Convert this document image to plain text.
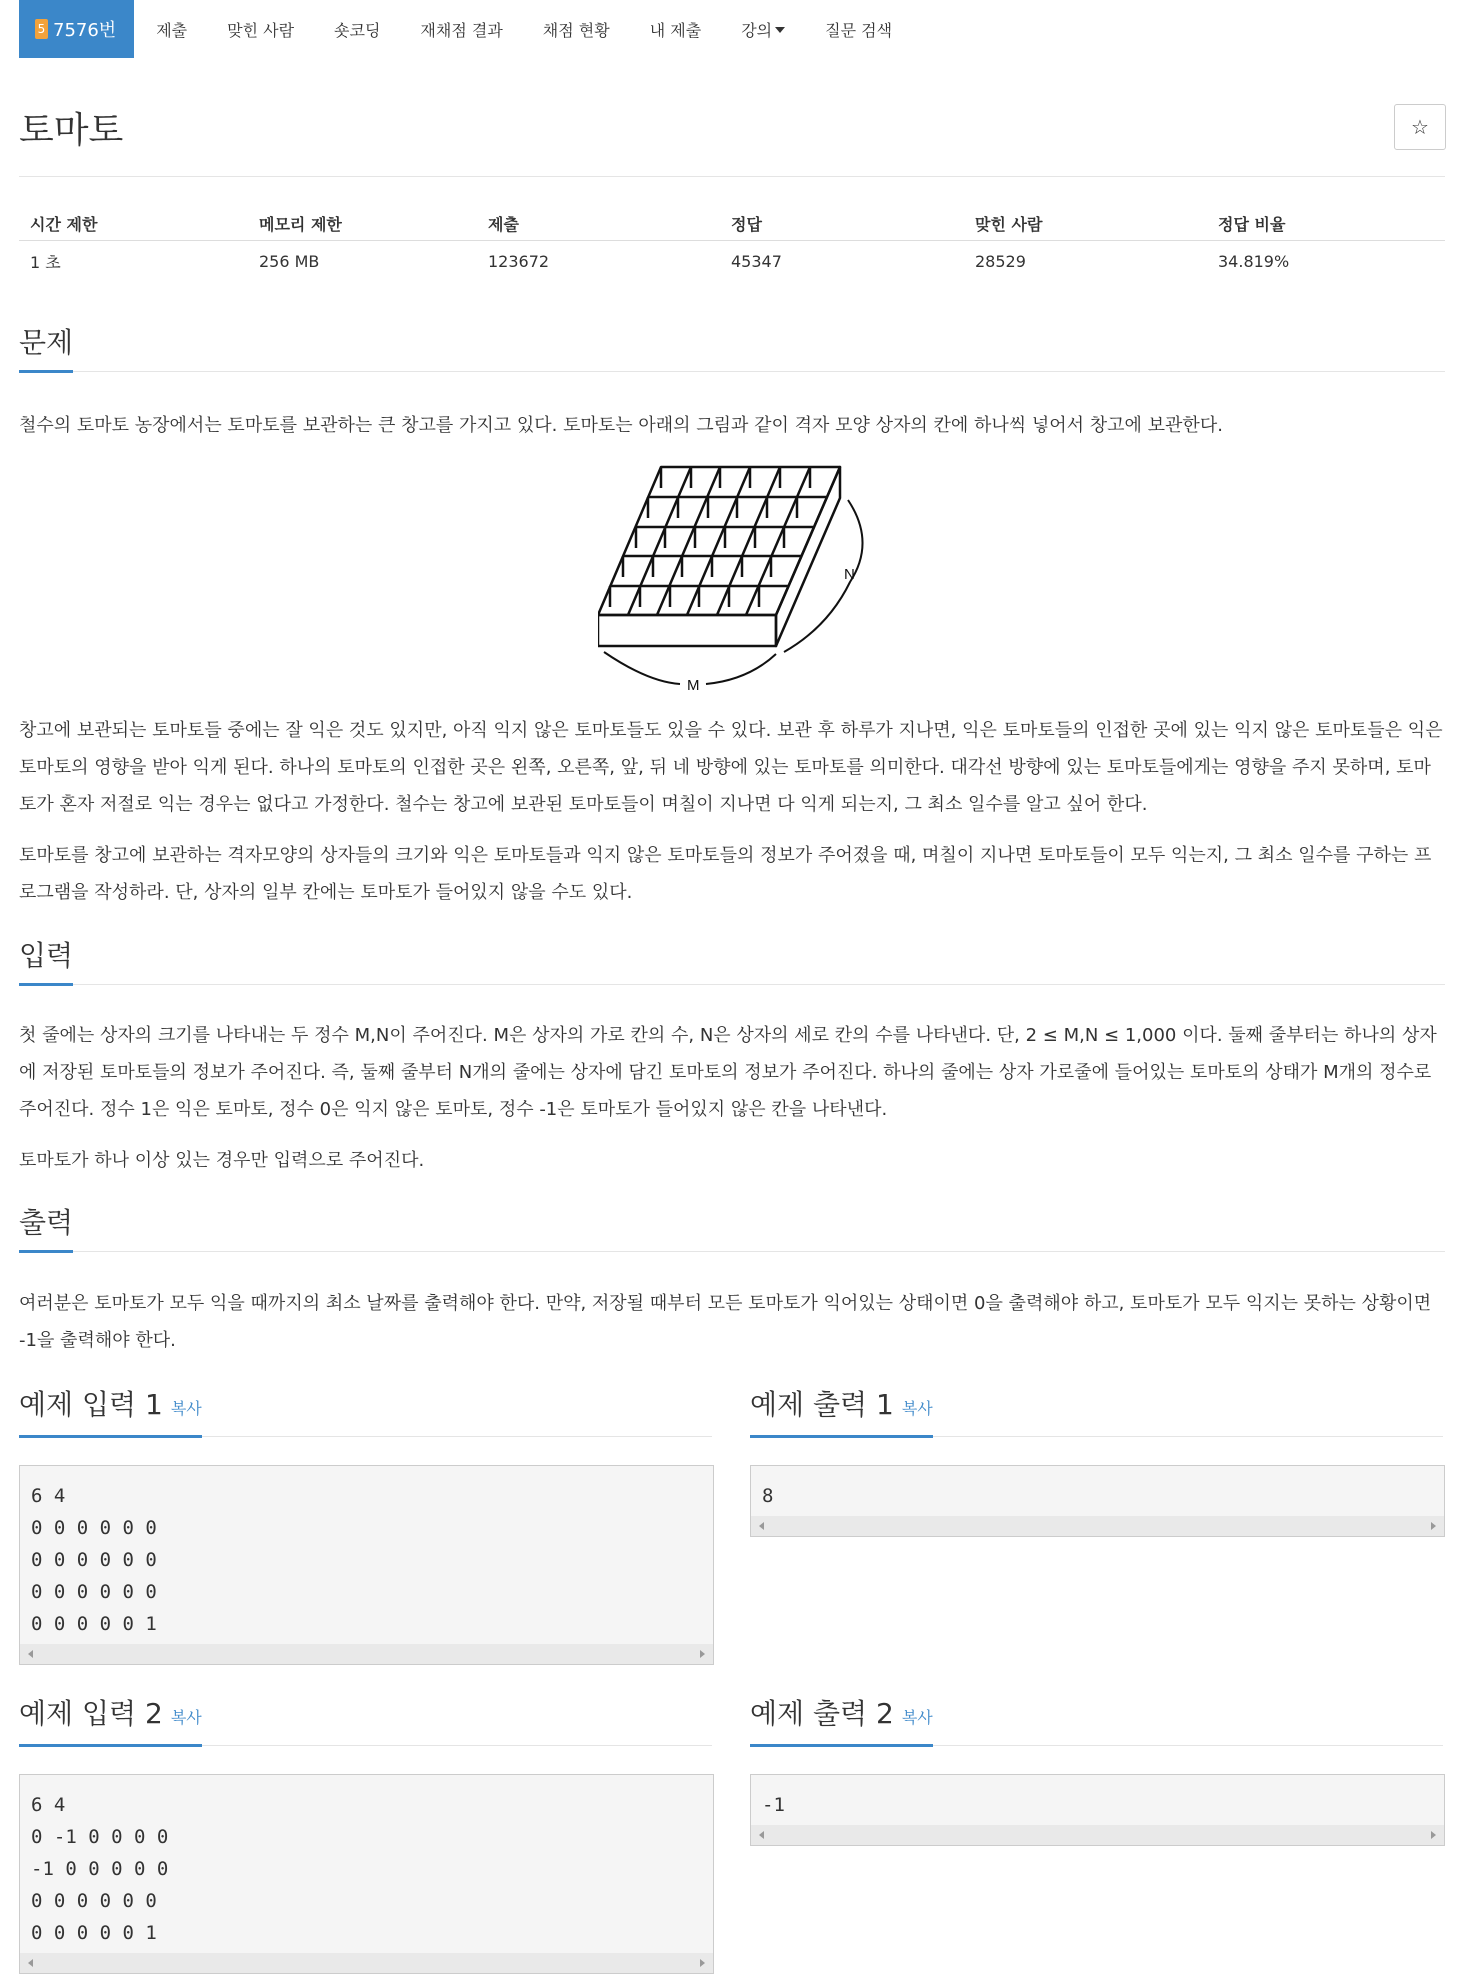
5 7576번	제출	맞힌 사람	숏코딩	재채점 결과	채점 현황	내 제출	강의	질문 검색
토마토	☆
시간 제한	메모리 제한	제출	정답	맞힌 사람	정답 비율
1 초	256 MB	123672	45347	28529	34.819%
문제

철수의 토마토 농장에서는 토마토를 보관하는 큰 창고를 가지고 있다. 토마토는 아래의 그림과 같이 격자 모양 상자의 칸에 하나씩 넣어서 창고에 보관한다.

N
M

창고에 보관되는 토마토들 중에는 잘 익은 것도 있지만, 아직 익지 않은 토마토들도 있을 수 있다. 보관 후 하루가 지나면, 익은 토마토들의 인접한 곳에 있는 익지 않은 토마토들은 익은 토마토의 영향을 받아 익게 된다. 하나의 토마토의 인접한 곳은 왼쪽, 오른쪽, 앞, 뒤 네 방향에 있는 토마토를 의미한다. 대각선 방향에 있는 토마토들에게는 영향을 주지 못하며, 토마토가 혼자 저절로 익는 경우는 없다고 가정한다. 철수는 창고에 보관된 토마토들이 며칠이 지나면 다 익게 되는지, 그 최소 일수를 알고 싶어 한다.

토마토를 창고에 보관하는 격자모양의 상자들의 크기와 익은 토마토들과 익지 않은 토마토들의 정보가 주어졌을 때, 며칠이 지나면 토마토들이 모두 익는지, 그 최소 일수를 구하는 프로그램을 작성하라. 단, 상자의 일부 칸에는 토마토가 들어있지 않을 수도 있다.

입력

첫 줄에는 상자의 크기를 나타내는 두 정수 M,N이 주어진다. M은 상자의 가로 칸의 수, N은 상자의 세로 칸의 수를 나타낸다. 단, 2 ≤ M,N ≤ 1,000 이다. 둘째 줄부터는 하나의 상자에 저장된 토마토들의 정보가 주어진다. 즉, 둘째 줄부터 N개의 줄에는 상자에 담긴 토마토의 정보가 주어진다. 하나의 줄에는 상자 가로줄에 들어있는 토마토의 상태가 M개의 정수로 주어진다. 정수 1은 익은 토마토, 정수 0은 익지 않은 토마토, 정수 -1은 토마토가 들어있지 않은 칸을 나타낸다.

토마토가 하나 이상 있는 경우만 입력으로 주어진다.

출력

여러분은 토마토가 모두 익을 때까지의 최소 날짜를 출력해야 한다. 만약, 저장될 때부터 모든 토마토가 익어있는 상태이면 0을 출력해야 하고, 토마토가 모두 익지는 못하는 상황이면 -1을 출력해야 한다.

예제 입력 1 복사	예제 출력 1 복사
6 4
0 0 0 0 0 0
0 0 0 0 0 0
0 0 0 0 0 0
0 0 0 0 0 1
8
예제 입력 2 복사	예제 출력 2 복사
6 4
0 -1 0 0 0 0
-1 0 0 0 0 0
0 0 0 0 0 0
0 0 0 0 0 1
-1
